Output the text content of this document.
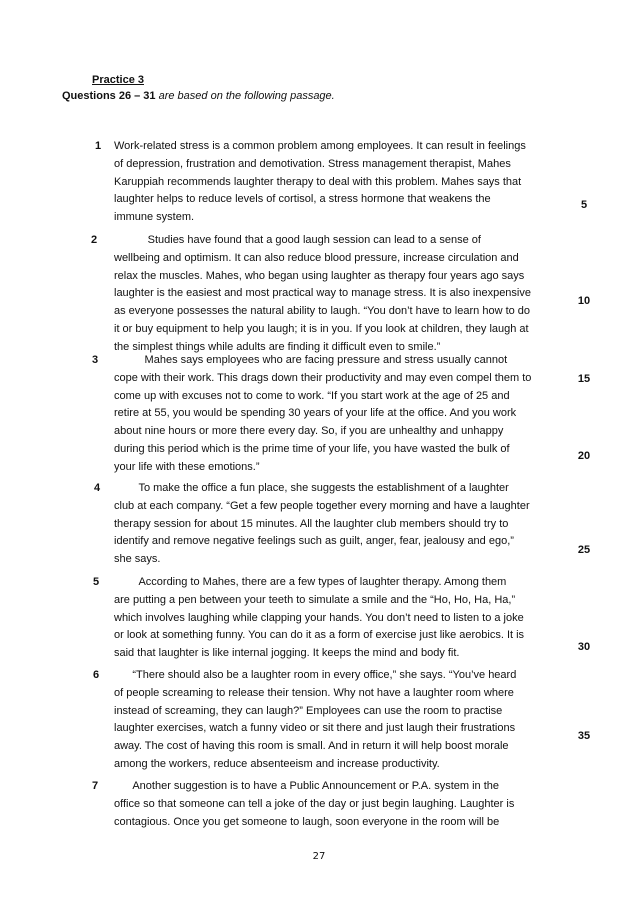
Practice 3
Questions 26 – 31 are based on the following passage.
1
2
3
4
5
6
7
Work-related stress is a common problem among employees. It can result in feelings
of depression, frustration and demotivation. Stress management therapist, Mahes
Karuppiah recommends laughter therapy to deal with this problem. Mahes says that
laughter helps to reduce levels of cortisol, a stress hormone that weakens the
immune system.
Studies have found that a good laugh session can lead to a sense of
wellbeing and optimism. It can also reduce blood pressure, increase circulation and
relax the muscles. Mahes, who began using laughter as therapy four years ago says
laughter is the easiest and most practical way to manage stress. It is also inexpensive
as everyone possesses the natural ability to laugh. “You don’t have to learn how to do
it or buy equipment to help you laugh; it is in you. If you look at children, they laugh at
the simplest things while adults are finding it difficult even to smile.”
Mahes says employees who are facing pressure and stress usually cannot
cope with their work. This drags down their productivity and may even compel them to
come up with excuses not to come to work. “If you start work at the age of 25 and
retire at 55, you would be spending 30 years of your life at the office. And you work
about nine hours or more there every day. So, if you are unhealthy and unhappy
during this period which is the prime time of your life, you have wasted the bulk of
your life with these emotions.”
To make the office a fun place, she suggests the establishment of a laughter
club at each company. “Get a few people together every morning and have a laughter
therapy session for about 15 minutes. All the laughter club members should try to
identify and remove negative feelings such as guilt, anger, fear, jealousy and ego,”
she says.
According to Mahes, there are a few types of laughter therapy. Among them
are putting a pen between your teeth to simulate a smile and the “Ho, Ho, Ha, Ha,”
which involves laughing while clapping your hands. You don’t need to listen to a joke
or look at something funny. You can do it as a form of exercise just like aerobics. It is
said that laughter is like internal jogging. It keeps the mind and body fit.
“There should also be a laughter room in every office,” she says. “You’ve heard
of people screaming to release their tension. Why not have a laughter room where
instead of screaming, they can laugh?” Employees can use the room to practise
laughter exercises, watch a funny video or sit there and just laugh their frustrations
away. The cost of having this room is small. And in return it will help boost morale
among the workers, reduce absenteeism and increase productivity.
Another suggestion is to have a Public Announcement or P.A. system in the
office so that someone can tell a joke of the day or just begin laughing. Laughter is
contagious. Once you get someone to laugh, soon everyone in the room will be
5
10
15
20
25
30
35
27
